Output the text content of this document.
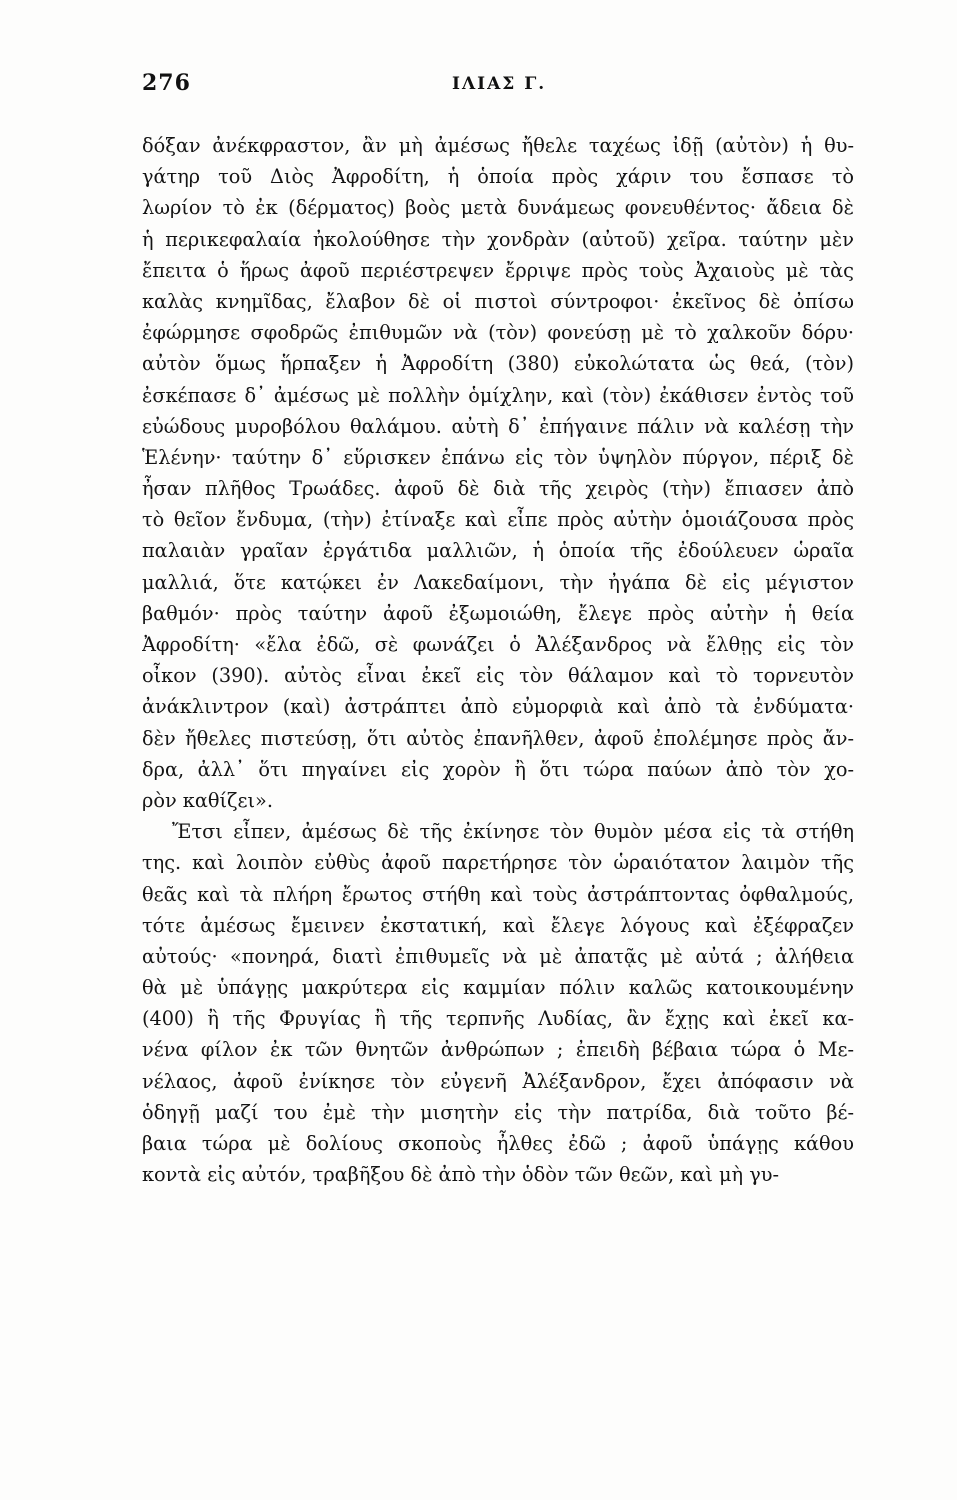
276	ΙΛΙΑΣ Γ.
δόξαν ἀνέκφραστον, ἂν μὴ ἀμέσως ἤθελε ταχέως ἰδῇ (αὐτὸν) ἡ θυ-
γάτηρ τοῦ Διὸς Ἀφροδίτη, ἡ ὁποία πρὸς χάριν του ἔσπασε τὸ
λωρίον τὸ ἐκ (δέρματος) βοὸς μετὰ δυνάμεως φονευθέντος· ἄδεια δὲ
ἡ περικεφαλαία ἠκολούθησε τὴν χονδρὰν (αὐτοῦ) χεῖρα. ταύτην μὲν
ἔπειτα ὁ ἥρως ἀφοῦ περιέστρεψεν ἔρριψε πρὸς τοὺς Ἀχαιοὺς μὲ τὰς
καλὰς κνημῖδας, ἔλαβον δὲ οἱ πιστοὶ σύντροφοι· ἐκεῖνος δὲ ὀπίσω
ἐφώρμησε σφοδρῶς ἐπιθυμῶν νὰ (τὸν) φονεύσῃ μὲ τὸ χαλκοῦν δόρυ·
αὐτὸν ὅμως ἥρπαξεν ἡ Ἀφροδίτη (380) εὐκολώτατα ὡς θεά, (τὸν)
ἐσκέπασε δ᾽ ἀμέσως μὲ πολλὴν ὁμίχλην, καὶ (τὸν) ἐκάθισεν ἐντὸς τοῦ
εὐώδους μυροβόλου θαλάμου. αὐτὴ δ᾽ ἐπήγαινε πάλιν νὰ καλέσῃ τὴν
Ἑλένην· ταύτην δ᾽ εὕρισκεν ἐπάνω εἰς τὸν ὑψηλὸν πύργον, πέριξ δὲ
ἦσαν πλῆθος Τρωάδες. ἀφοῦ δὲ διὰ τῆς χειρὸς (τὴν) ἔπιασεν ἀπὸ
τὸ θεῖον ἔνδυμα, (τὴν) ἐτίναξε καὶ εἶπε πρὸς αὐτὴν ὁμοιάζουσα πρὸς
παλαιὰν γραῖαν ἐργάτιδα μαλλιῶν, ἡ ὁποία τῆς ἐδούλευεν ὡραῖα
μαλλιά, ὅτε κατῴκει ἐν Λακεδαίμονι, τὴν ἠγάπα δὲ εἰς μέγιστον
βαθμόν· πρὸς ταύτην ἀφοῦ ἐξωμοιώθη, ἔλεγε πρὸς αὐτὴν ἡ θεία
Ἀφροδίτη· «ἔλα ἐδῶ, σὲ φωνάζει ὁ Ἀλέξανδρος νὰ ἔλθῃς εἰς τὸν
οἶκον (390). αὐτὸς εἶναι ἐκεῖ εἰς τὸν θάλαμον καὶ τὸ τορνευτὸν
ἀνάκλιντρον (καὶ) ἀστράπτει ἀπὸ εὐμορφιὰ καὶ ἀπὸ τὰ ἐνδύματα·
δὲν ἤθελες πιστεύσῃ, ὅτι αὐτὸς ἐπανῆλθεν, ἀφοῦ ἐπολέμησε πρὸς ἄν-
δρα, ἀλλ᾽ ὅτι πηγαίνει εἰς χορὸν ἢ ὅτι τώρα παύων ἀπὸ τὸν χο-
ρὸν καθίζει».
Ἔτσι εἶπεν, ἀμέσως δὲ τῆς ἐκίνησε τὸν θυμὸν μέσα εἰς τὰ στήθη
της. καὶ λοιπὸν εὐθὺς ἀφοῦ παρετήρησε τὸν ὡραιότατον λαιμὸν τῆς
θεᾶς καὶ τὰ πλήρη ἔρωτος στήθη καὶ τοὺς ἀστράπτοντας ὀφθαλμούς,
τότε ἀμέσως ἔμεινεν ἐκστατική, καὶ ἔλεγε λόγους καὶ ἐξέφραζεν
αὐτούς· «πονηρά, διατὶ ἐπιθυμεῖς νὰ μὲ ἀπατᾷς μὲ αὐτά ; ἀλήθεια
θὰ μὲ ὑπάγῃς μακρύτερα εἰς καμμίαν πόλιν καλῶς κατοικουμένην
(400) ἢ τῆς Φρυγίας ἢ τῆς τερπνῆς Λυδίας, ἂν ἔχῃς καὶ ἐκεῖ κα-
νένα φίλον ἐκ τῶν θνητῶν ἀνθρώπων ; ἐπειδὴ βέβαια τώρα ὁ Με-
νέλαος, ἀφοῦ ἐνίκησε τὸν εὐγενῆ Ἀλέξανδρον, ἔχει ἀπόφασιν νὰ
ὁδηγῇ μαζί του ἐμὲ τὴν μισητὴν εἰς τὴν πατρίδα, διὰ τοῦτο βέ-
βαια τώρα μὲ δολίους σκοποὺς ἦλθες ἐδῶ ; ἀφοῦ ὑπάγῃς κάθου
κοντὰ εἰς αὐτόν, τραβῆξου δὲ ἀπὸ τὴν ὁδὸν τῶν θεῶν, καὶ μὴ γυ-
